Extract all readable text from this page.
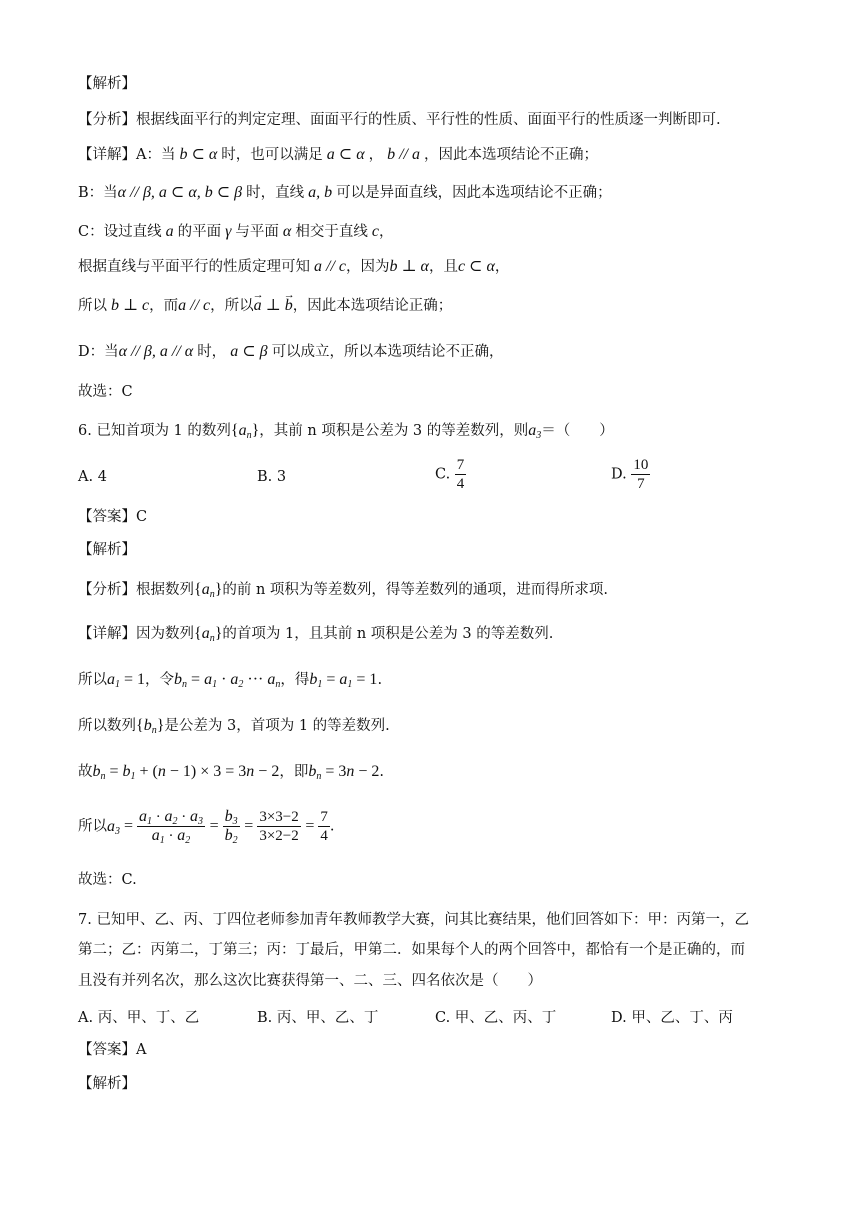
【解析】
【分析】根据线面平行的判定定理、面面平行的性质、平行性的性质、面面平行的性质逐一判断即可.
【详解】A：当 b ⊂ α 时，也可以满足 a ⊂ α ， b // a ，因此本选项结论不正确；
B：当α // β, a ⊂ α, b ⊂ β 时，直线 a, b 可以是异面直线，因此本选项结论不正确；
C：设过直线 a 的平面 γ 与平面 α 相交于直线 c，
根据直线与平面平行的性质定理可知 a // c，因为b ⊥ α，且c ⊂ α，
所以 b ⊥ c，而a // c，所以→ a ⊥ → b，因此本选项结论正确；
D：当α // β, a // α 时， a ⊂ β 可以成立，所以本选项结论不正确，
故选：C
6. 已知首项为 1 的数列$\{a_n\}$，其前 n 项积是公差为 3 的等差数列，则$a_3=$（　　）
A. 4	B. 3	C. $\frac{7}{4}$	D. $\frac{10}{7}$
【答案】C
【解析】
【分析】根据数列$\{a_n\}$的前 n 项积为等差数列，得等差数列的通项，进而得所求项.
【详解】因为数列$\{a_n\}$的首项为 1，且其前 n 项积是公差为 3 的等差数列.
所以$a_1 = 1$，令$b_n = a_1 \cdot a_2$ ··· $a_n$，得$b_1 = a_1 = 1$.
所以数列$\{b_n\}$是公差为 3，首项为 1 的等差数列.
故$b_n = b_1 + (n - 1) \times 3 = 3n - 2$，即$b_n = 3n - 2$.
所以$a_3 = \frac{a_1 \cdot a_2 \cdot a_3}{a_1 \cdot a_2} = \frac{b_3}{b_2} = \frac{3\times 3-2}{3\times 2-2} = \frac{7}{4}$ .
故选：C.
7. 已知甲、乙、丙、丁四位老师参加青年教师教学大赛，问其比赛结果，他们回答如下：甲：丙第一，乙
第二；乙：丙第二，丁第三；丙：丁最后，甲第二．如果每个人的两个回答中，都恰有一个是正确的，而
且没有并列名次，那么这次比赛获得第一、二、三、四名依次是（　　）
A. 丙、甲、丁、乙	B. 丙、甲、乙、丁	C. 甲、乙、丙、丁	D. 甲、乙、丁、丙
【答案】A
【解析】
